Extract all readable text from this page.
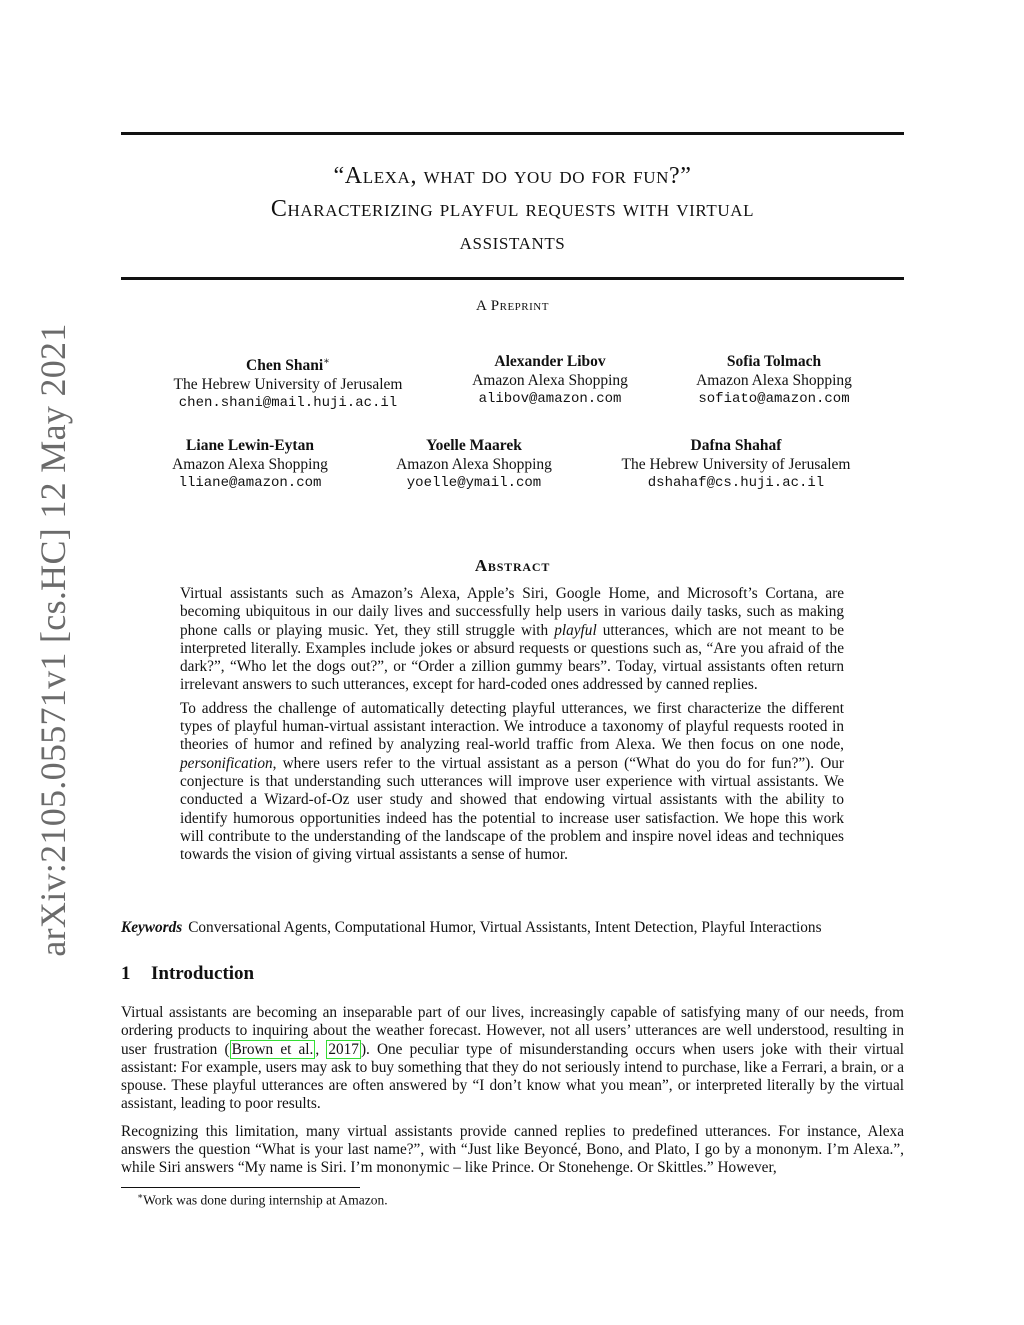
arXiv:2105.05571v1 [cs.HC] 12 May 2021
“Alexa, what do you do for fun?”
Characterizing playful requests with virtual
assistants
A Preprint
Chen Shani∗
The Hebrew University of Jerusalem
chen.shani@mail.huji.ac.il
Alexander Libov
Amazon Alexa Shopping
alibov@amazon.com
Sofia Tolmach
Amazon Alexa Shopping
sofiato@amazon.com
Liane Lewin-Eytan
Amazon Alexa Shopping
lliane@amazon.com
Yoelle Maarek
Amazon Alexa Shopping
yoelle@ymail.com
Dafna Shahaf
The Hebrew University of Jerusalem
dshahaf@cs.huji.ac.il
Abstract

Virtual assistants such as Amazon’s Alexa, Apple’s Siri, Google Home, and Microsoft’s Cortana, are becoming ubiquitous in our daily lives and successfully help users in various daily tasks, such as making phone calls or playing music. Yet, they still struggle with playful utterances, which are not meant to be interpreted literally. Examples include jokes or absurd requests or questions such as, “Are you afraid of the dark?”, “Who let the dogs out?”, or “Order a zillion gummy bears”. Today, virtual assistants often return irrelevant answers to such utterances, except for hard-coded ones addressed by canned replies.

To address the challenge of automatically detecting playful utterances, we first characterize the different types of playful human-virtual assistant interaction. We introduce a taxonomy of playful requests rooted in theories of humor and refined by analyzing real-world traffic from Alexa. We then focus on one node, personification, where users refer to the virtual assistant as a person (“What do you do for fun?”). Our conjecture is that understanding such utterances will improve user experience with virtual assistants. We conducted a Wizard-of-Oz user study and showed that endowing virtual assistants with the ability to identify humorous opportunities indeed has the potential to increase user satisfaction. We hope this work will contribute to the understanding of the landscape of the problem and inspire novel ideas and techniques towards the vision of giving virtual assistants a sense of humor.

Keywords Conversational Agents, Computational Humor, Virtual Assistants, Intent Detection, Playful Interactions
1 Introduction

Virtual assistants are becoming an inseparable part of our lives, increasingly capable of satisfying many of our needs, from ordering products to inquiring about the weather forecast. However, not all users’ utterances are well understood, resulting in user frustration ( Brown et al. , 2017 ). One peculiar type of misunderstanding occurs when users joke with their virtual assistant: For example, users may ask to buy something that they do not seriously intend to purchase, like a Ferrari, a brain, or a spouse. These playful utterances are often answered by “I don’t know what you mean”, or interpreted literally by the virtual assistant, leading to poor results.

Recognizing this limitation, many virtual assistants provide canned replies to predefined utterances. For instance, Alexa answers the question “What is your last name?”, with “Just like Beyoncé, Bono, and Plato, I go by a mononym. I’m Alexa.”, while Siri answers “My name is Siri. I’m mononymic – like Prince. Or Stonehenge. Or Skittles.” However,

∗Work was done during internship at Amazon.
